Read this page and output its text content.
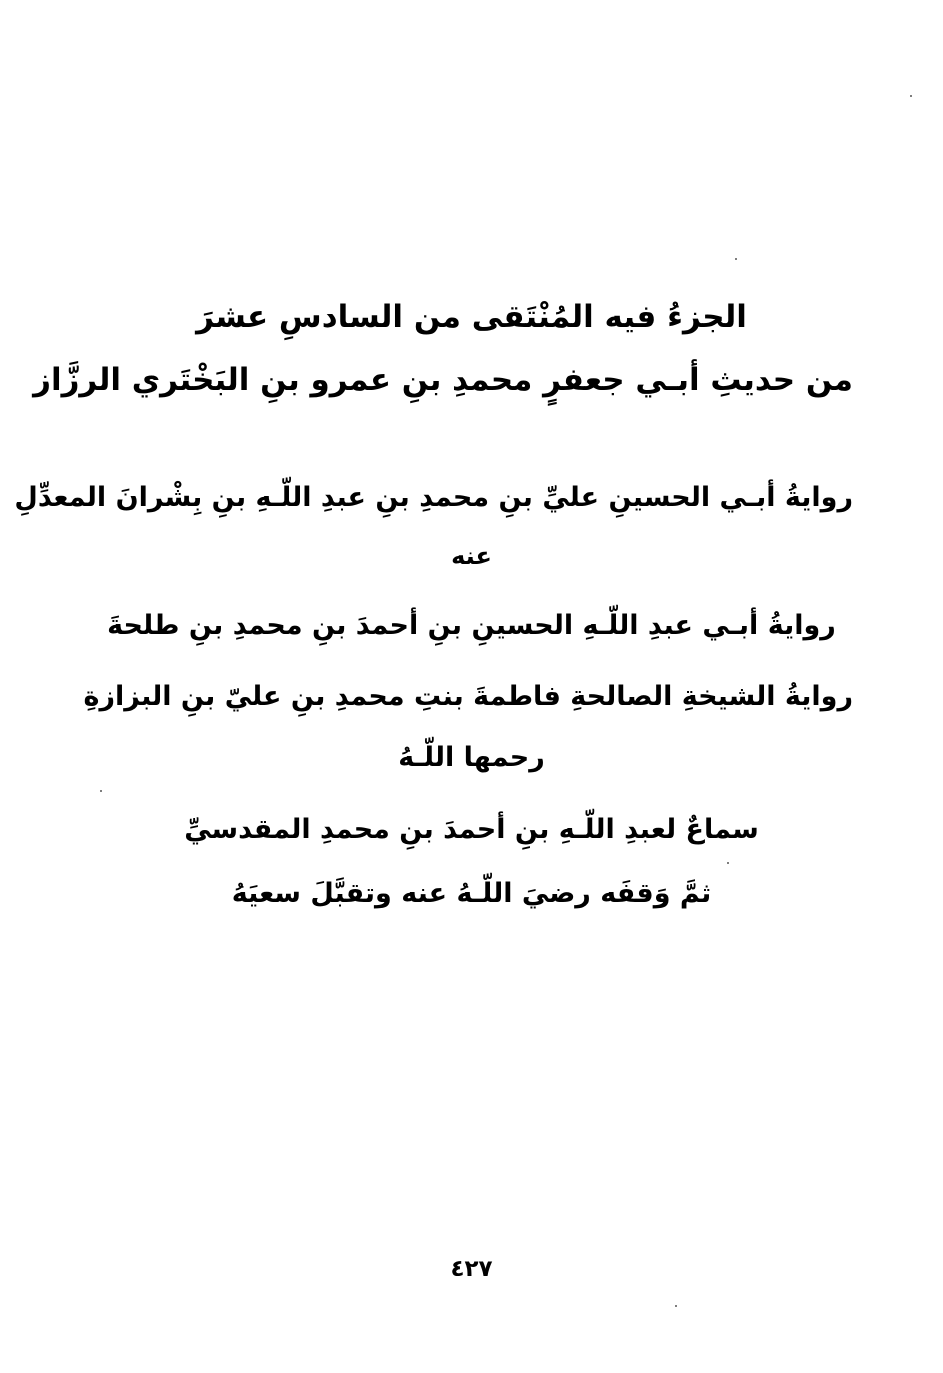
الجزءُ فيه المُنْتَقى من السادسِ عشرَ
من حديثِ أبـي جعفرٍ محمدِ بنِ عمرو بنِ البَخْتَري الرزَّاز
روايةُ أبـي الحسينِ عليِّ بنِ محمدِ بنِ عبدِ اللّـهِ بنِ بِشْرانَ المعدِّلِ
عنه
روايةُ أبـي عبدِ اللّـهِ الحسينِ بنِ أحمدَ بنِ محمدِ بنِ طلحةَ
روايةُ الشيخةِ الصالحةِ فاطمةَ بنتِ محمدِ بنِ عليّ بنِ البزازةِ
رحمها اللّـهُ
سماعٌ لعبدِ اللّـهِ بنِ أحمدَ بنِ محمدِ المقدسيِّ
ثمَّ وَقفَه رضيَ اللّـهُ عنه وتقبَّلَ سعيَهُ
٤٢٧
